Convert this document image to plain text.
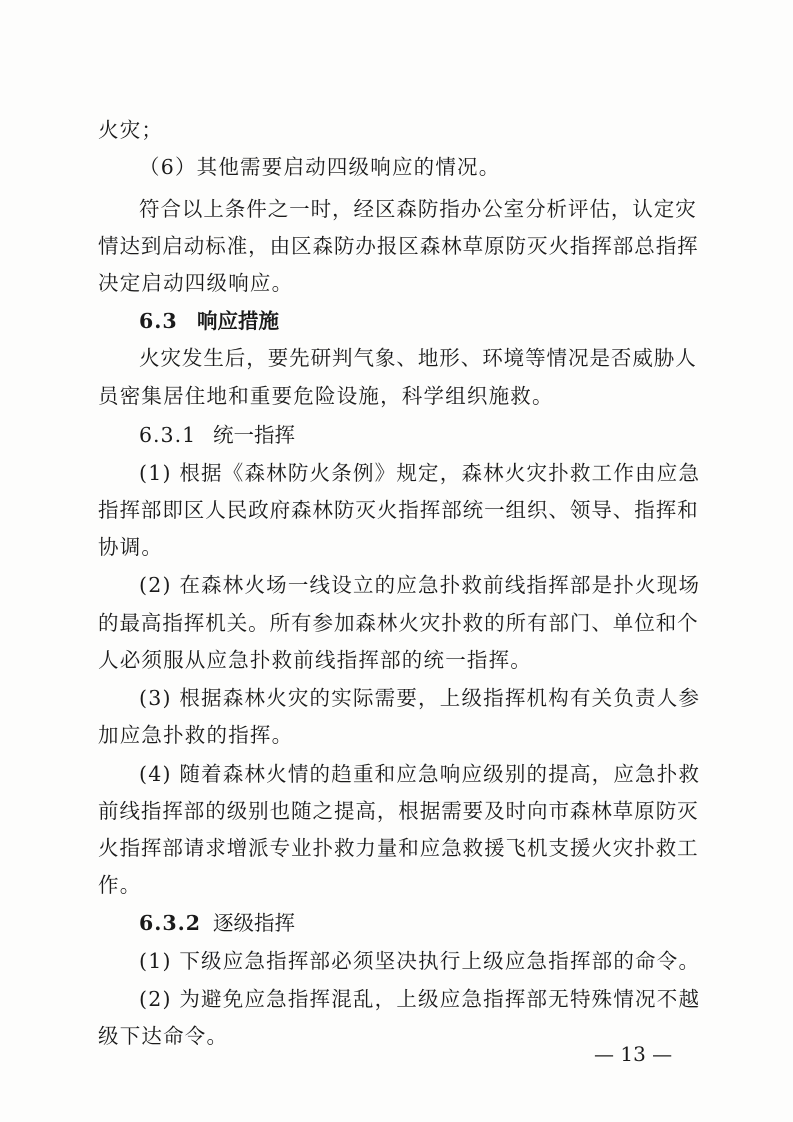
火灾；
（6）其他需要启动四级响应的情况。
符合以上条件之一时，经区森防指办公室分析评估，认定灾
情达到启动标准，由区森防办报区森林草原防灭火指挥部总指挥
决定启动四级响应。
6.3 响应措施
火灾发生后，要先研判气象、地形、环境等情况是否威胁人
员密集居住地和重要危险设施，科学组织施救。
6.3.1 统一指挥
(1) 根据《森林防火条例》规定，森林火灾扑救工作由应急
指挥部即区人民政府森林防灭火指挥部统一组织、领导、指挥和
协调。
(2) 在森林火场一线设立的应急扑救前线指挥部是扑火现场
的最高指挥机关。所有参加森林火灾扑救的所有部门、单位和个
人必须服从应急扑救前线指挥部的统一指挥。
(3) 根据森林火灾的实际需要，上级指挥机构有关负责人参
加应急扑救的指挥。
(4) 随着森林火情的趋重和应急响应级别的提高，应急扑救
前线指挥部的级别也随之提高，根据需要及时向市森林草原防灭
火指挥部请求增派专业扑救力量和应急救援飞机支援火灾扑救工
作。
6.3.2 逐级指挥
(1) 下级应急指挥部必须坚决执行上级应急指挥部的命令。
(2) 为避免应急指挥混乱，上级应急指挥部无特殊情况不越
级下达命令。
— 13 —
